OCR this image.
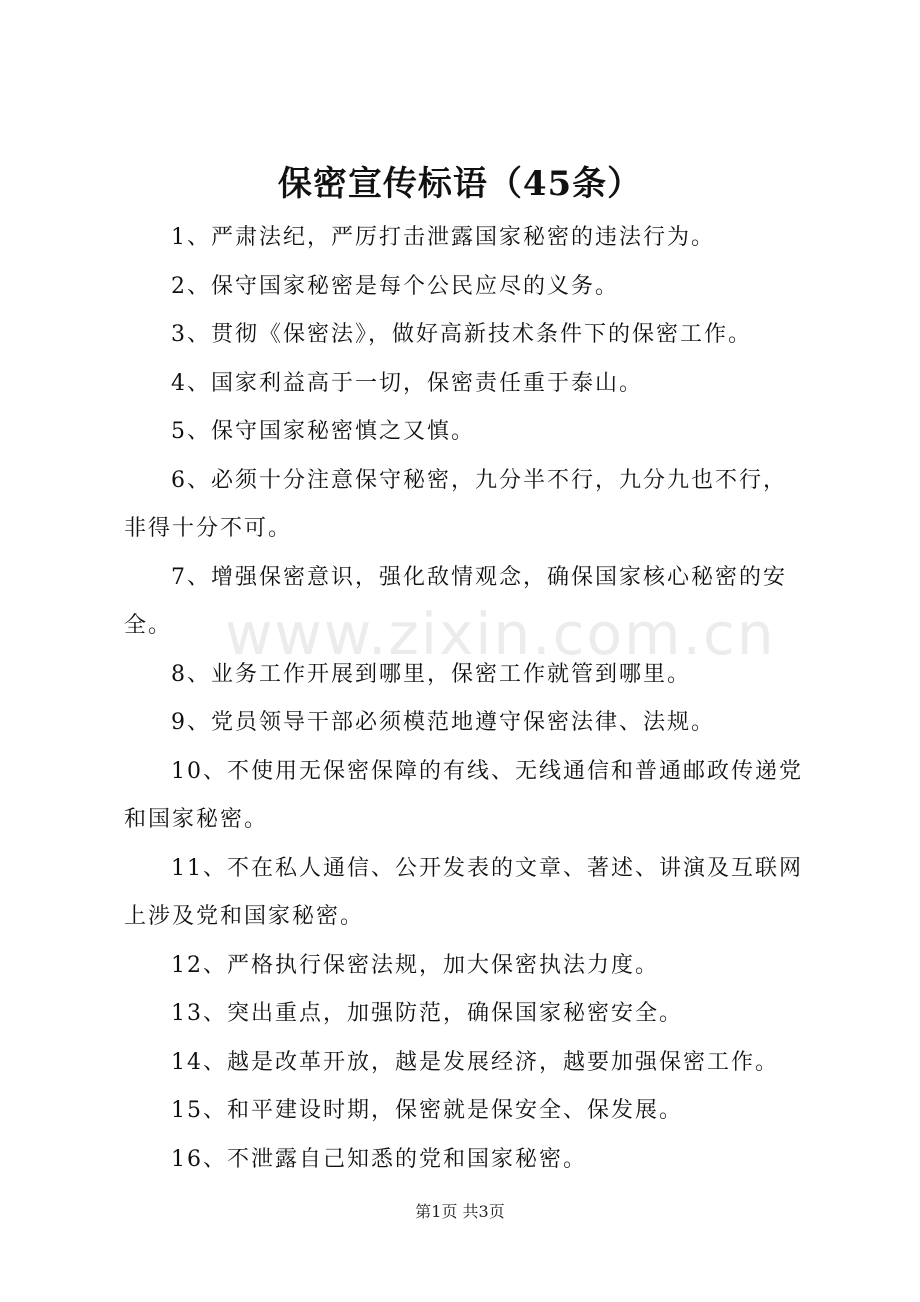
www.zixin.com.cn
保密宣传标语（45条）

1、严肃法纪，严厉打击泄露国家秘密的违法行为。

2、保守国家秘密是每个公民应尽的义务。

3、贯彻《保密法》，做好高新技术条件下的保密工作。

4、国家利益高于一切，保密责任重于泰山。

5、保守国家秘密慎之又慎。

6、必须十分注意保守秘密，九分半不行，九分九也不行，非得十分不可。

7、增强保密意识，强化敌情观念，确保国家核心秘密的安全。

8、业务工作开展到哪里，保密工作就管到哪里。

9、党员领导干部必须模范地遵守保密法律、法规。

10、不使用无保密保障的有线、无线通信和普通邮政传递党和国家秘密。

11、不在私人通信、公开发表的文章、著述、讲演及互联网上涉及党和国家秘密。

12、严格执行保密法规，加大保密执法力度。

13、突出重点，加强防范，确保国家秘密安全。

14、越是改革开放，越是发展经济，越要加强保密工作。

15、和平建设时期，保密就是保安全、保发展。

16、不泄露自己知悉的党和国家秘密。

第1页 共3页
